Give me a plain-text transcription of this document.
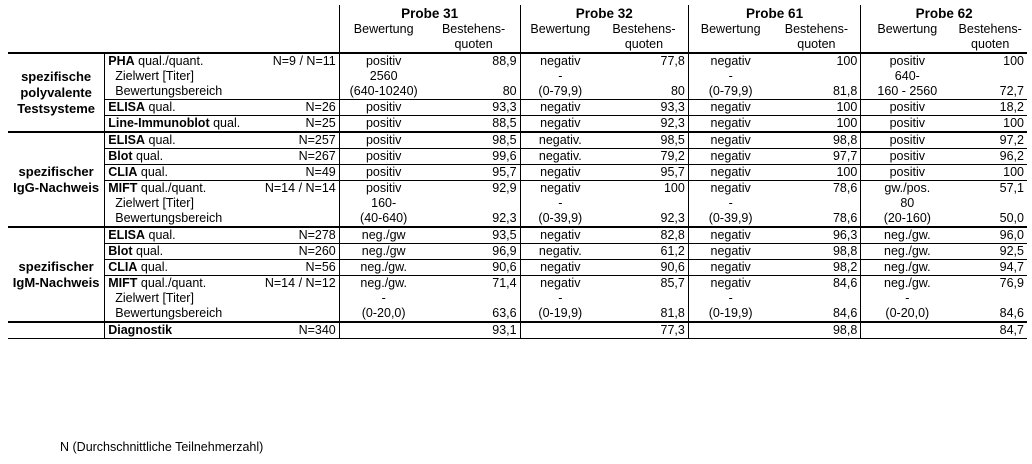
			Probe 31		Probe 32		Probe 61		Probe 62	
			Bewertung	Bestehens-	Bewertung	Bestehens-	Bewertung	Bestehens-	Bewertung	Bestehens-
				quoten		quoten		quoten		quoten
spezifische polyvalente Testsysteme	PHA qual./quant.	N=9 / N=11	positiv	88,9	negativ	77,8	negativ	100	positiv	100
	Zielwert [Titer]		2560		-		-		640-	
	Bewertungsbereich		(640-10240)	80	(0-79,9)	80	(0-79,9)	81,8	160 - 2560	72,7
	ELISA qual.	N=26	positiv	93,3	negativ	93,3	negativ	100	positiv	18,2
	Line-Immunoblot qual.	N=25	positiv	88,5	negativ	92,3	negativ	100	positiv	100
spezifischer IgG-Nachweis	ELISA qual.	N=257	positiv	98,5	negativ.	98,5	negativ	98,8	positiv	97,2
	Blot qual.	N=267	positiv	99,6	negativ.	79,2	negativ	97,7	positiv	96,2
	CLIA qual.	N=49	positiv	95,7	negativ	95,7	negativ	100	positiv	100
	MIFT qual./quant.	N=14 / N=14	positiv	92,9	negativ	100	negativ	78,6	gw./pos.	57,1
	Zielwert [Titer]		160-		-		-		80	
	Bewertungsbereich		(40-640)	92,3	(0-39,9)	92,3	(0-39,9)	78,6	(20-160)	50,0
spezifischer IgM-Nachweis	ELISA qual.	N=278	neg./gw	93,5	negativ	82,8	negativ	96,3	neg./gw.	96,0
	Blot qual.	N=260	neg./gw	96,9	negativ.	61,2	negativ	98,8	neg./gw.	92,5
	CLIA qual.	N=56	neg./gw.	90,6	negativ	90,6	negativ	98,2	neg./gw.	94,7
	MIFT qual./quant.	N=14 / N=12	neg./gw.	71,4	negativ	85,7	negativ	84,6	neg./gw.	76,9
	Zielwert [Titer]		-		-		-		-	
	Bewertungsbereich		(0-20,0)	63,6	(0-19,9)	81,8	(0-19,9)	84,6	(0-20,0)	84,6
	Diagnostik	N=340		93,1		77,3		98,8		84,7
N (Durchschnittliche Teilnehmerzahl)
